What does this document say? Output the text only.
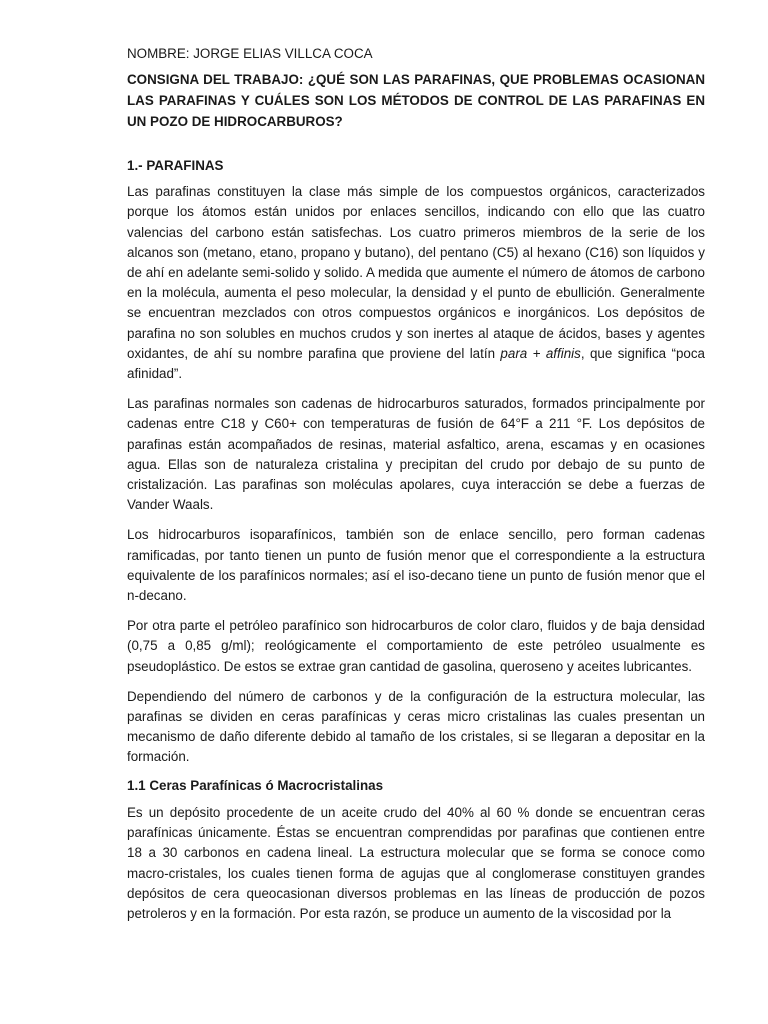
NOMBRE: JORGE ELIAS VILLCA COCA
CONSIGNA DEL TRABAJO: ¿QUÉ SON LAS PARAFINAS, QUE PROBLEMAS OCASIONAN LAS PARAFINAS Y CUÁLES SON LOS MÉTODOS DE CONTROL DE LAS PARAFINAS EN UN POZO DE HIDROCARBUROS?
1.- PARAFINAS

Las parafinas constituyen la clase más simple de los compuestos orgánicos, caracterizados porque los átomos están unidos por enlaces sencillos, indicando con ello que las cuatro valencias del carbono están satisfechas. Los cuatro primeros miembros de la serie de los alcanos son (metano, etano, propano y butano), del pentano (C5) al hexano (C16) son líquidos y de ahí en adelante semi-solido y solido. A medida que aumente el número de átomos de carbono en la molécula, aumenta el peso molecular, la densidad y el punto de ebullición. Generalmente se encuentran mezclados con otros compuestos orgánicos e inorgánicos. Los depósitos de parafina no son solubles en muchos crudos y son inertes al ataque de ácidos, bases y agentes oxidantes, de ahí su nombre parafina que proviene del latín para + affinis, que significa “poca afinidad”.

Las parafinas normales son cadenas de hidrocarburos saturados, formados principalmente por cadenas entre C18 y C60+ con temperaturas de fusión de 64°F a 211 °F. Los depósitos de parafinas están acompañados de resinas, material asfaltico, arena, escamas y en ocasiones agua. Ellas son de naturaleza cristalina y precipitan del crudo por debajo de su punto de cristalización. Las parafinas son moléculas apolares, cuya interacción se debe a fuerzas de Vander Waals.

Los hidrocarburos isoparafínicos, también son de enlace sencillo, pero forman cadenas ramificadas, por tanto tienen un punto de fusión menor que el correspondiente a la estructura equivalente de los parafínicos normales; así el iso-decano tiene un punto de fusión menor que el n-decano.

Por otra parte el petróleo parafínico son hidrocarburos de color claro, fluidos y de baja densidad (0,75 a 0,85 g/ml); reológicamente el comportamiento de este petróleo usualmente es pseudoplástico. De estos se extrae gran cantidad de gasolina, queroseno y aceites lubricantes.

Dependiendo del número de carbonos y de la configuración de la estructura molecular, las parafinas se dividen en ceras parafínicas y ceras micro cristalinas las cuales presentan un mecanismo de daño diferente debido al tamaño de los cristales, si se llegaran a depositar en la formación.

1.1 Ceras Parafínicas ó Macrocristalinas

Es un depósito procedente de un aceite crudo del 40% al 60 % donde se encuentran ceras parafínicas únicamente. Éstas se encuentran comprendidas por parafinas que contienen entre 18 a 30 carbonos en cadena lineal. La estructura molecular que se forma se conoce como macro-cristales, los cuales tienen forma de agujas que al conglomerase constituyen grandes depósitos de cera queocasionan diversos problemas en las líneas de producción de pozos petroleros y en la formación. Por esta razón, se produce un aumento de la viscosidad por la
